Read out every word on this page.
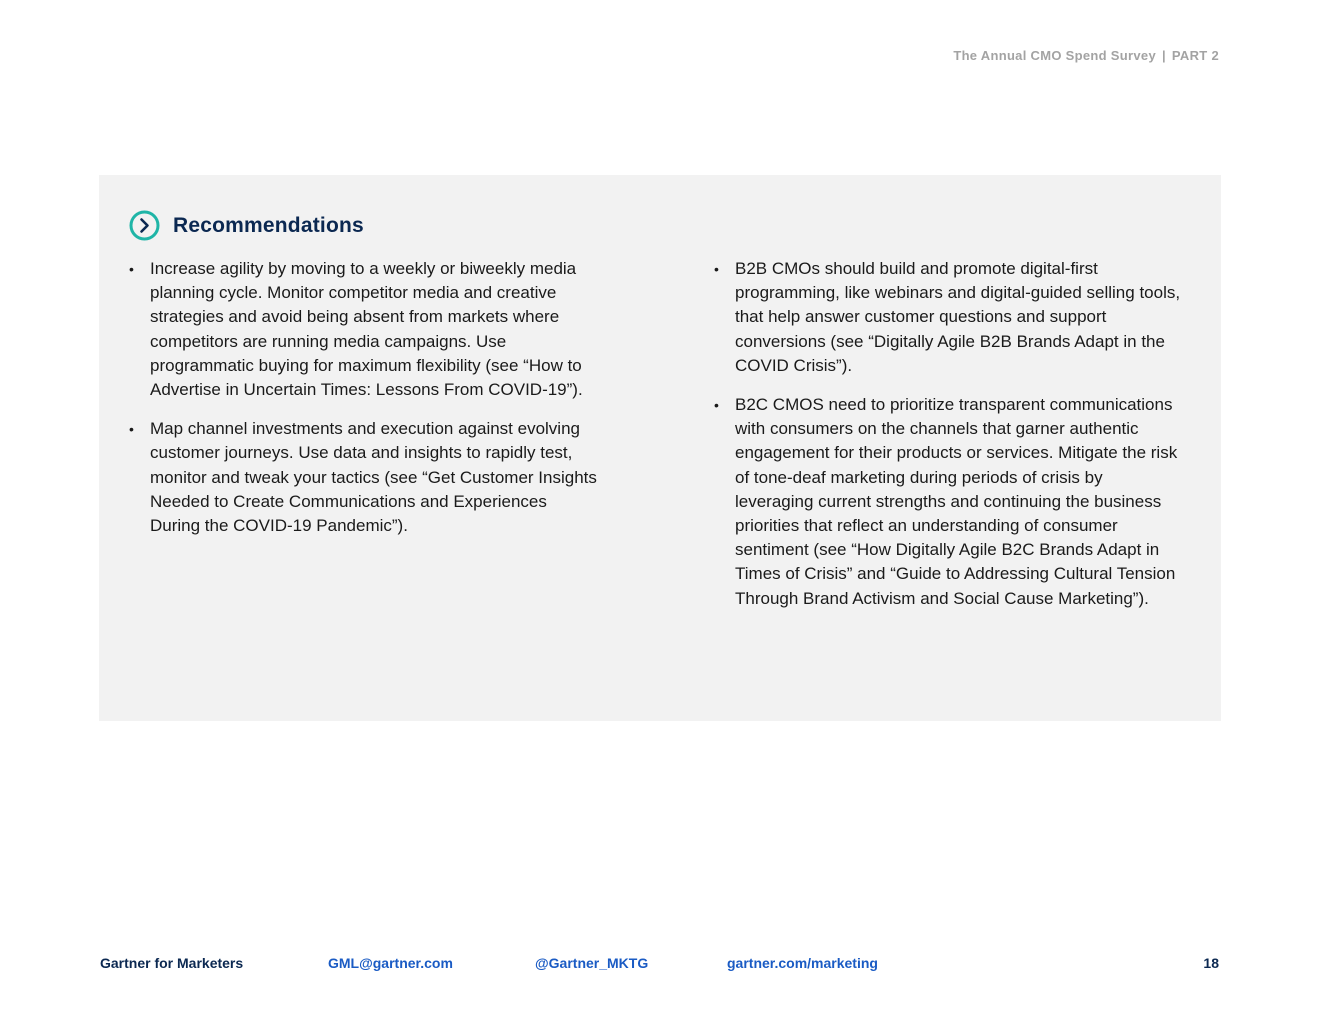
The Annual CMO Spend Survey | PART 2
Recommendations
• Increase agility by moving to a weekly or biweekly media planning cycle. Monitor competitor media and creative strategies and avoid being absent from markets where competitors are running media campaigns. Use programmatic buying for maximum flexibility (see “How to Advertise in Uncertain Times: Lessons From COVID-19”).
• Map channel investments and execution against evolving customer journeys. Use data and insights to rapidly test, monitor and tweak your tactics (see “Get Customer Insights Needed to Create Communications and Experiences During the COVID-19 Pandemic”).
• B2B CMOs should build and promote digital-first programming, like webinars and digital-guided selling tools, that help answer customer questions and support conversions (see “Digitally Agile B2B Brands Adapt in the COVID Crisis”).
• B2C CMOS need to prioritize transparent communications with consumers on the channels that garner authentic engagement for their products or services. Mitigate the risk of tone-deaf marketing during periods of crisis by leveraging current strengths and continuing the business priorities that reflect an understanding of consumer sentiment (see “How Digitally Agile B2C Brands Adapt in Times of Crisis” and “Guide to Addressing Cultural Tension Through Brand Activism and Social Cause Marketing”).
Gartner for Marketers	GML@gartner.com	@Gartner_MKTG	gartner.com/marketing	18
